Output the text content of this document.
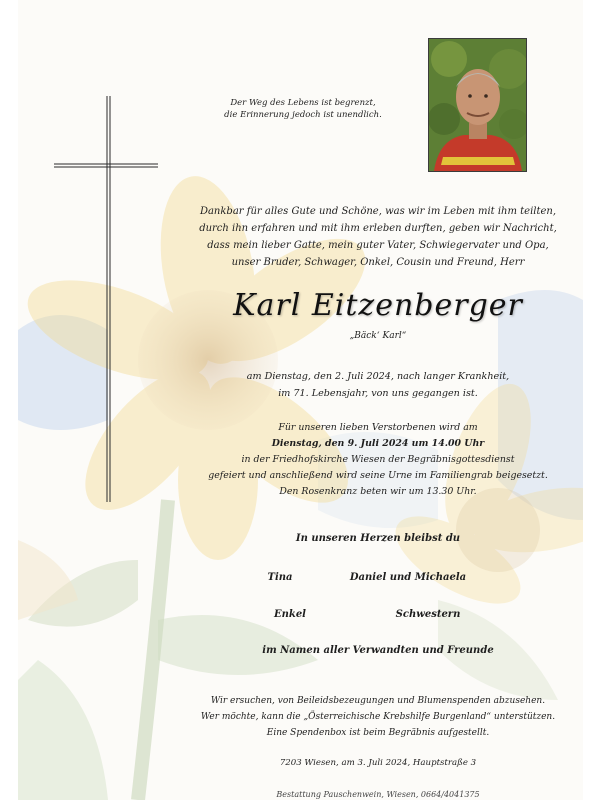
Der Weg des Lebens ist begrenzt,
die Erinnerung jedoch ist unendlich.
Dankbar für alles Gute und Schöne, was wir im Leben mit ihm teilten,
durch ihn erfahren und mit ihm erleben durften, geben wir Nachricht,
dass mein lieber Gatte, mein guter Vater, Schwiegervater und Opa,
unser Bruder, Schwager, Onkel, Cousin und Freund, Herr
Karl Eitzenberger
„Bäck‘ Karl“
am Dienstag, den 2. Juli 2024, nach langer Krankheit,
im 71. Lebensjahr, von uns gegangen ist.
Für unseren lieben Verstorbenen wird am
Dienstag, den 9. Juli 2024 um 14.00 Uhr
in der Friedhofskirche Wiesen der Begräbnisgottesdienst
gefeiert und anschließend wird seine Urne im Familiengrab beigesetzt.
Den Rosenkranz beten wir um 13.30 Uhr.
In unseren Herzen bleibst du
Tina	Daniel und Michaela
Enkel	Schwestern
im Namen aller Verwandten und Freunde
Wir ersuchen, von Beileidsbezeugungen und Blumenspenden abzusehen.
Wer möchte, kann die „Österreichische Krebshilfe Burgenland“ unterstützen.
Eine Spendenbox ist beim Begräbnis aufgestellt.
7203 Wiesen, am 3. Juli 2024, Hauptstraße 3
Bestattung Pauschenwein, Wiesen, 0664/4041375
